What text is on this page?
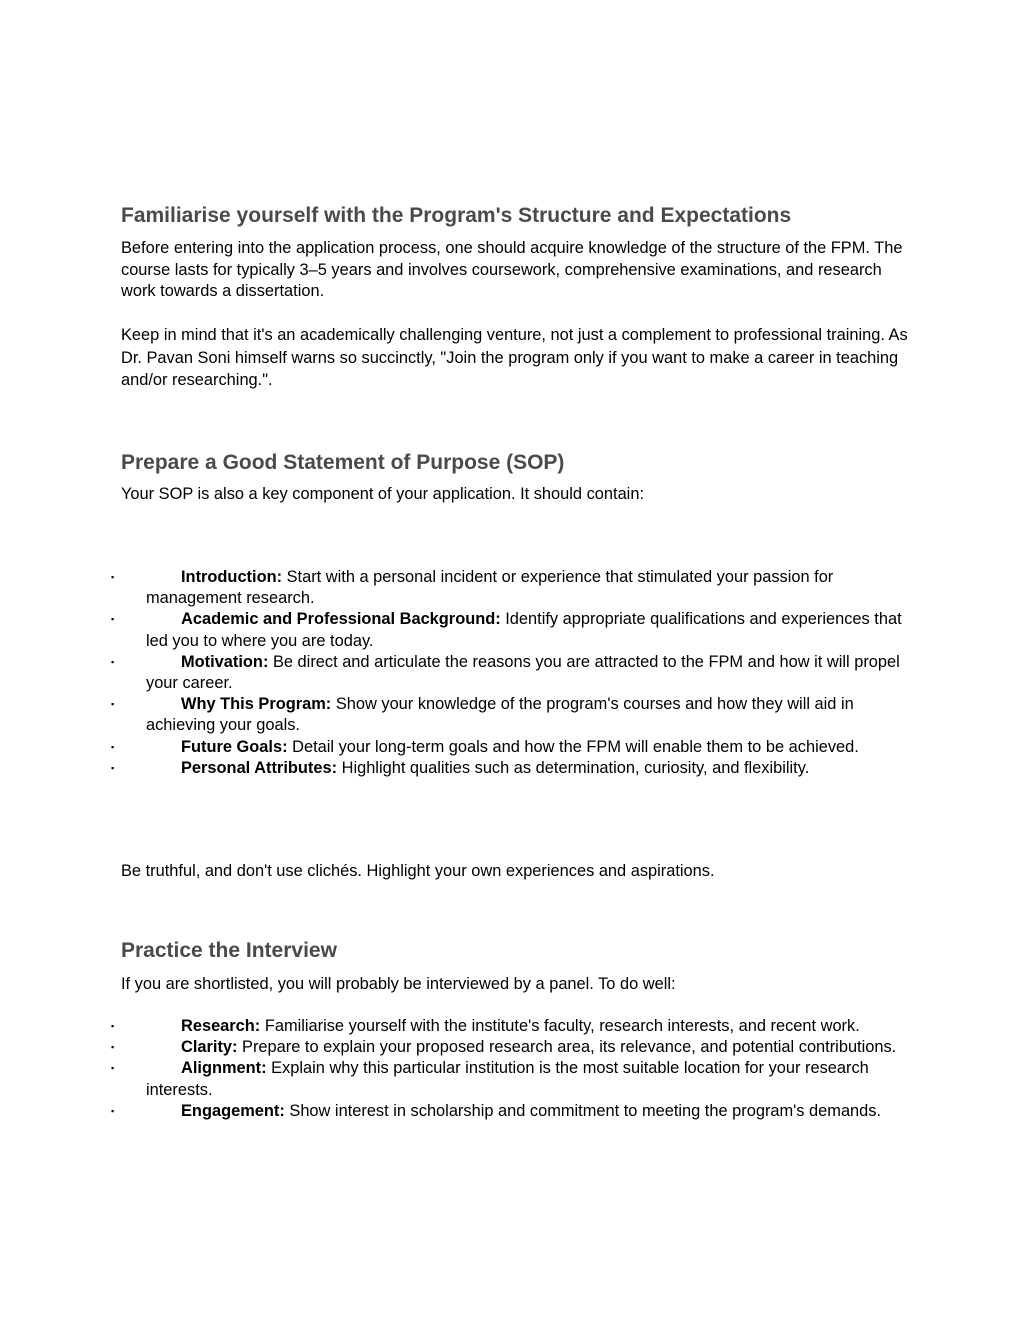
Familiarise yourself with the Program's Structure and Expectations

Before entering into the application process, one should acquire knowledge of the structure of the FPM. The course lasts for typically 3–5 years and involves coursework, comprehensive examinations, and research work towards a dissertation.

Keep in mind that it's an academically challenging venture, not just a complement to professional training. As Dr. Pavan Soni himself warns so succinctly, "Join the program only if you want to make a career in teaching and/or researching.".

Prepare a Good Statement of Purpose (SOP)

Your SOP is also a key component of your application. It should contain:

▪	Introduction: Start with a personal incident or experience that stimulated your passion for management research.
▪	Academic and Professional Background: Identify appropriate qualifications and experiences that led you to where you are today.
▪	Motivation: Be direct and articulate the reasons you are attracted to the FPM and how it will propel your career.
▪	Why This Program: Show your knowledge of the program's courses and how they will aid in achieving your goals.
▪	Future Goals: Detail your long-term goals and how the FPM will enable them to be achieved.
▪	Personal Attributes: Highlight qualities such as determination, curiosity, and flexibility.

Be truthful, and don't use clichés. Highlight your own experiences and aspirations.

Practice the Interview

If you are shortlisted, you will probably be interviewed by a panel. To do well:

▪	Research: Familiarise yourself with the institute's faculty, research interests, and recent work.
▪	Clarity: Prepare to explain your proposed research area, its relevance, and potential contributions.
▪	Alignment: Explain why this particular institution is the most suitable location for your research interests.
▪	Engagement: Show interest in scholarship and commitment to meeting the program's demands.
